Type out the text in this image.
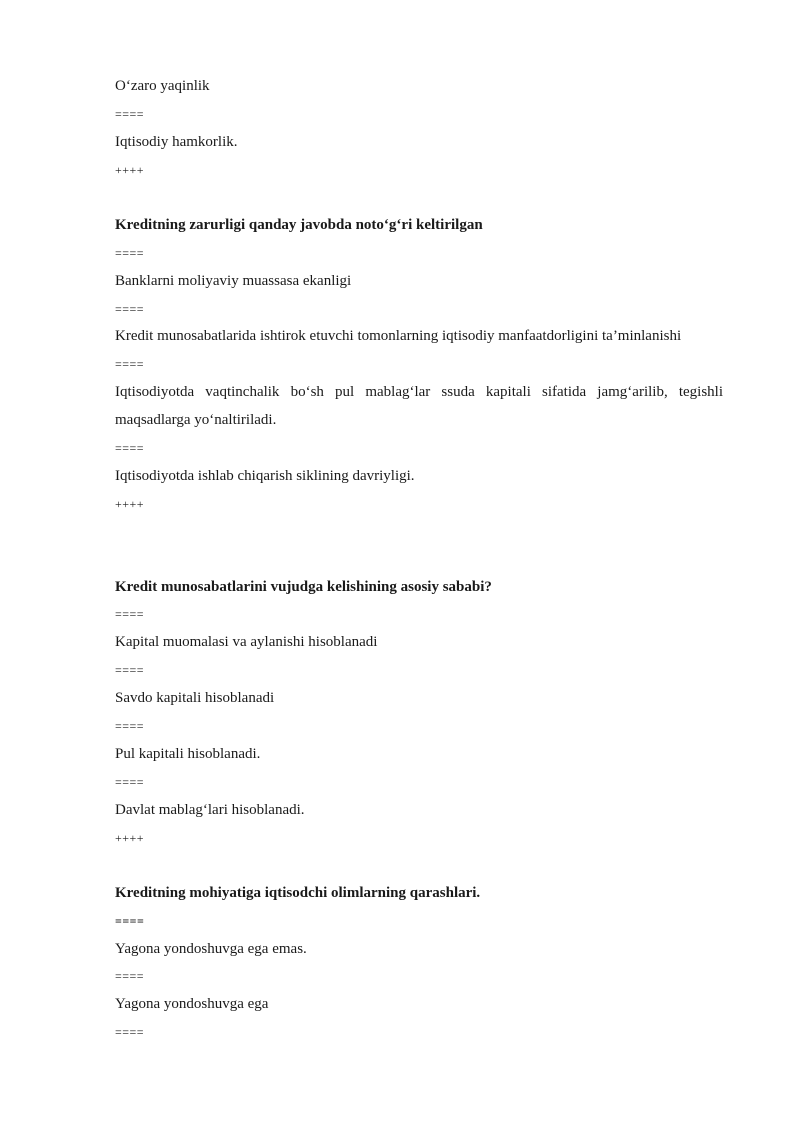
O‘zaro yaqinlik
====
Iqtisodiy hamkorlik.
++++
Kreditning zarurligi qanday javobda noto‘g‘ri keltirilgan
====
Banklarni moliyaviy muassasa ekanligi
====
Kredit munosabatlarida ishtirok etuvchi tomonlarning iqtisodiy manfaatdorligini ta’minlanishi
====
Iqtisodiyotda vaqtinchalik bo‘sh pul mablag‘lar ssuda kapitali sifatida jamg‘arilib, tegishli maqsadlarga yo‘naltiriladi.
====
Iqtisodiyotda ishlab chiqarish siklining davriyligi.
++++
Kredit munosabatlarini vujudga kelishining asosiy sababi?
====
Kapital muomalasi va aylanishi hisoblanadi
====
Savdo kapitali hisoblanadi
====
Pul kapitali hisoblanadi.
====
Davlat mablag‘lari hisoblanadi.
++++
Kreditning mohiyatiga iqtisodchi olimlarning qarashlari.
====
Yagona yondoshuvga ega emas.
====
Yagona yondoshuvga ega
====
